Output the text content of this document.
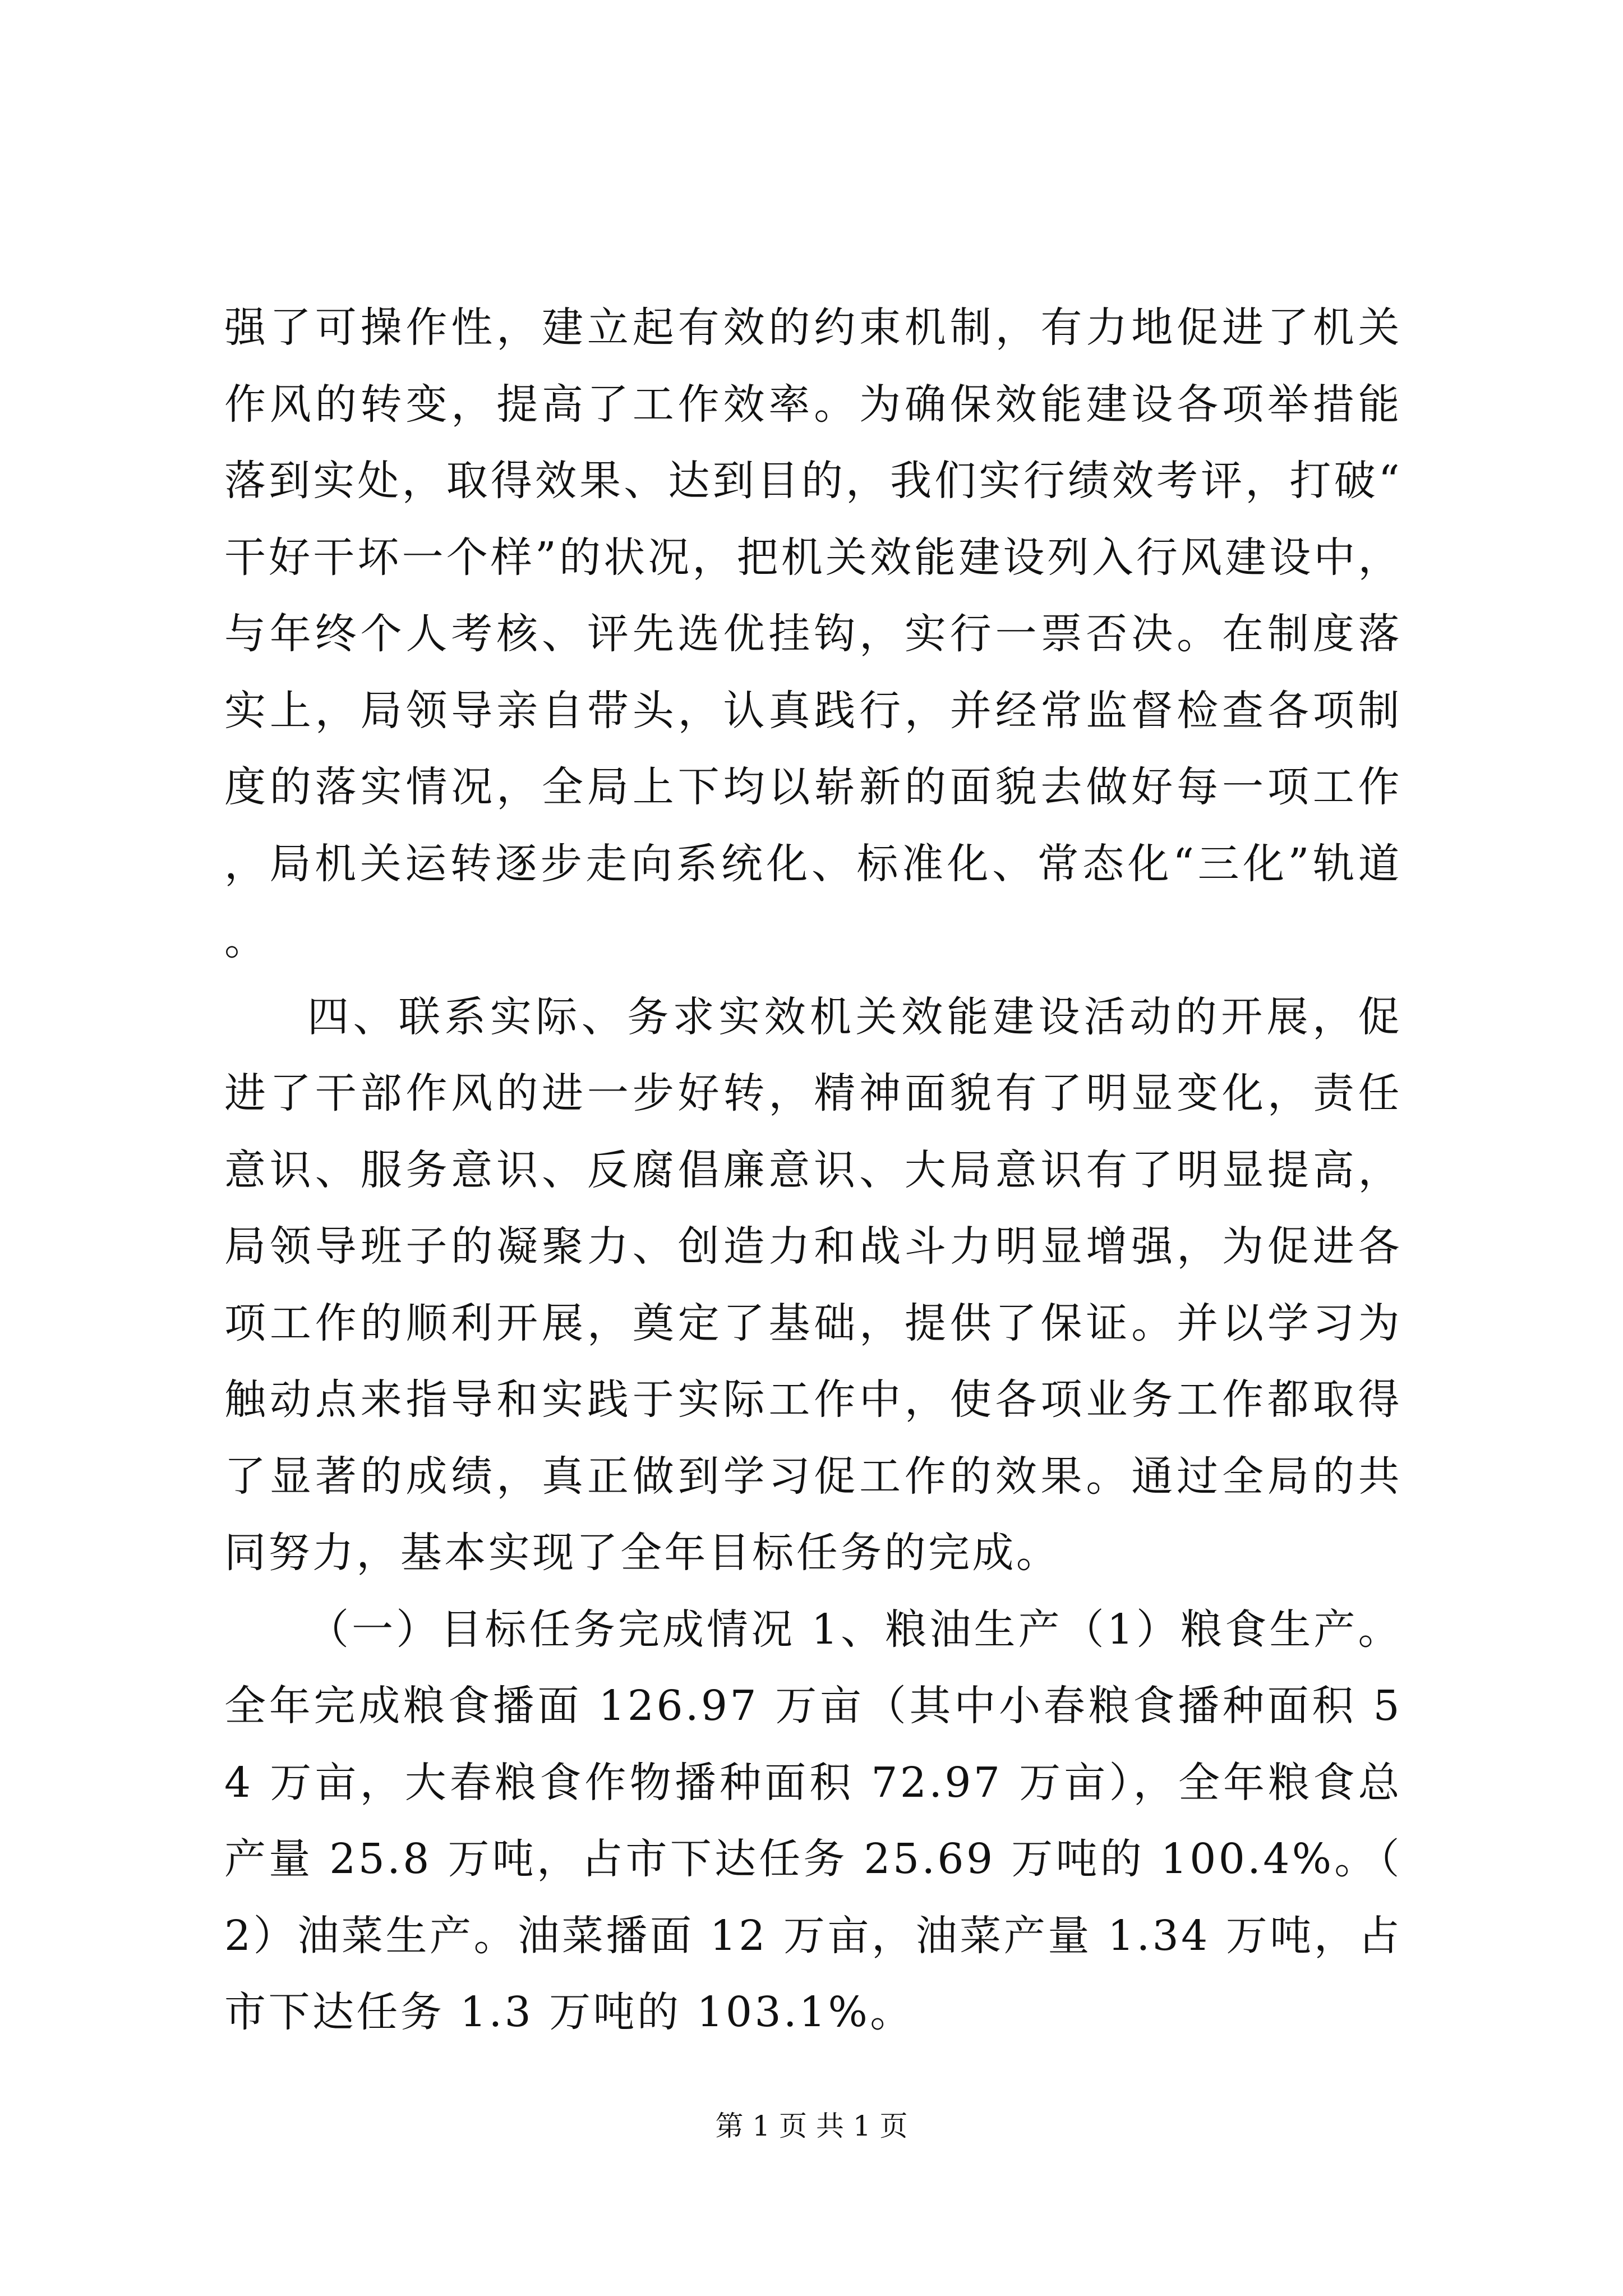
强了可操作性，建立起有效的约束机制，有力地促进了机关作风的转变，提高了工作效率。为确保效能建设各项举措能落到实处，取得效果、达到目的，我们实行绩效考评，打破“干好干坏一个样”的状况，把机关效能建设列入行风建设中，与年终个人考核、评先选优挂钩，实行一票否决。在制度落实上，局领导亲自带头，认真践行，并经常监督检查各项制度的落实情况，全局上下均以崭新的面貌去做好每一项工作，局机关运转逐步走向系统化、标准化、常态化“三化”轨道。

四、联系实际、务求实效机关效能建设活动的开展，促进了干部作风的进一步好转，精神面貌有了明显变化，责任意识、服务意识、反腐倡廉意识、大局意识有了明显提高，局领导班子的凝聚力、创造力和战斗力明显增强，为促进各项工作的顺利开展，奠定了基础，提供了保证。并以学习为触动点来指导和实践于实际工作中，使各项业务工作都取得了显著的成绩，真正做到学习促工作的效果。通过全局的共同努力，基本实现了全年目标任务的完成。

（一）目标任务完成情况 1、粮油生产（1）粮食生产。全年完成粮食播面 126.97 万亩（其中小春粮食播种面积 54 万亩，大春粮食作物播种面积 72.97 万亩），全年粮食总产量 25.8 万吨，占市下达任务 25.69 万吨的 100.4%。（2）油菜生产。油菜播面 12 万亩，油菜产量 1.34 万吨，占市下达任务 1.3 万吨的 103.1%。

第 1 页 共 1 页
